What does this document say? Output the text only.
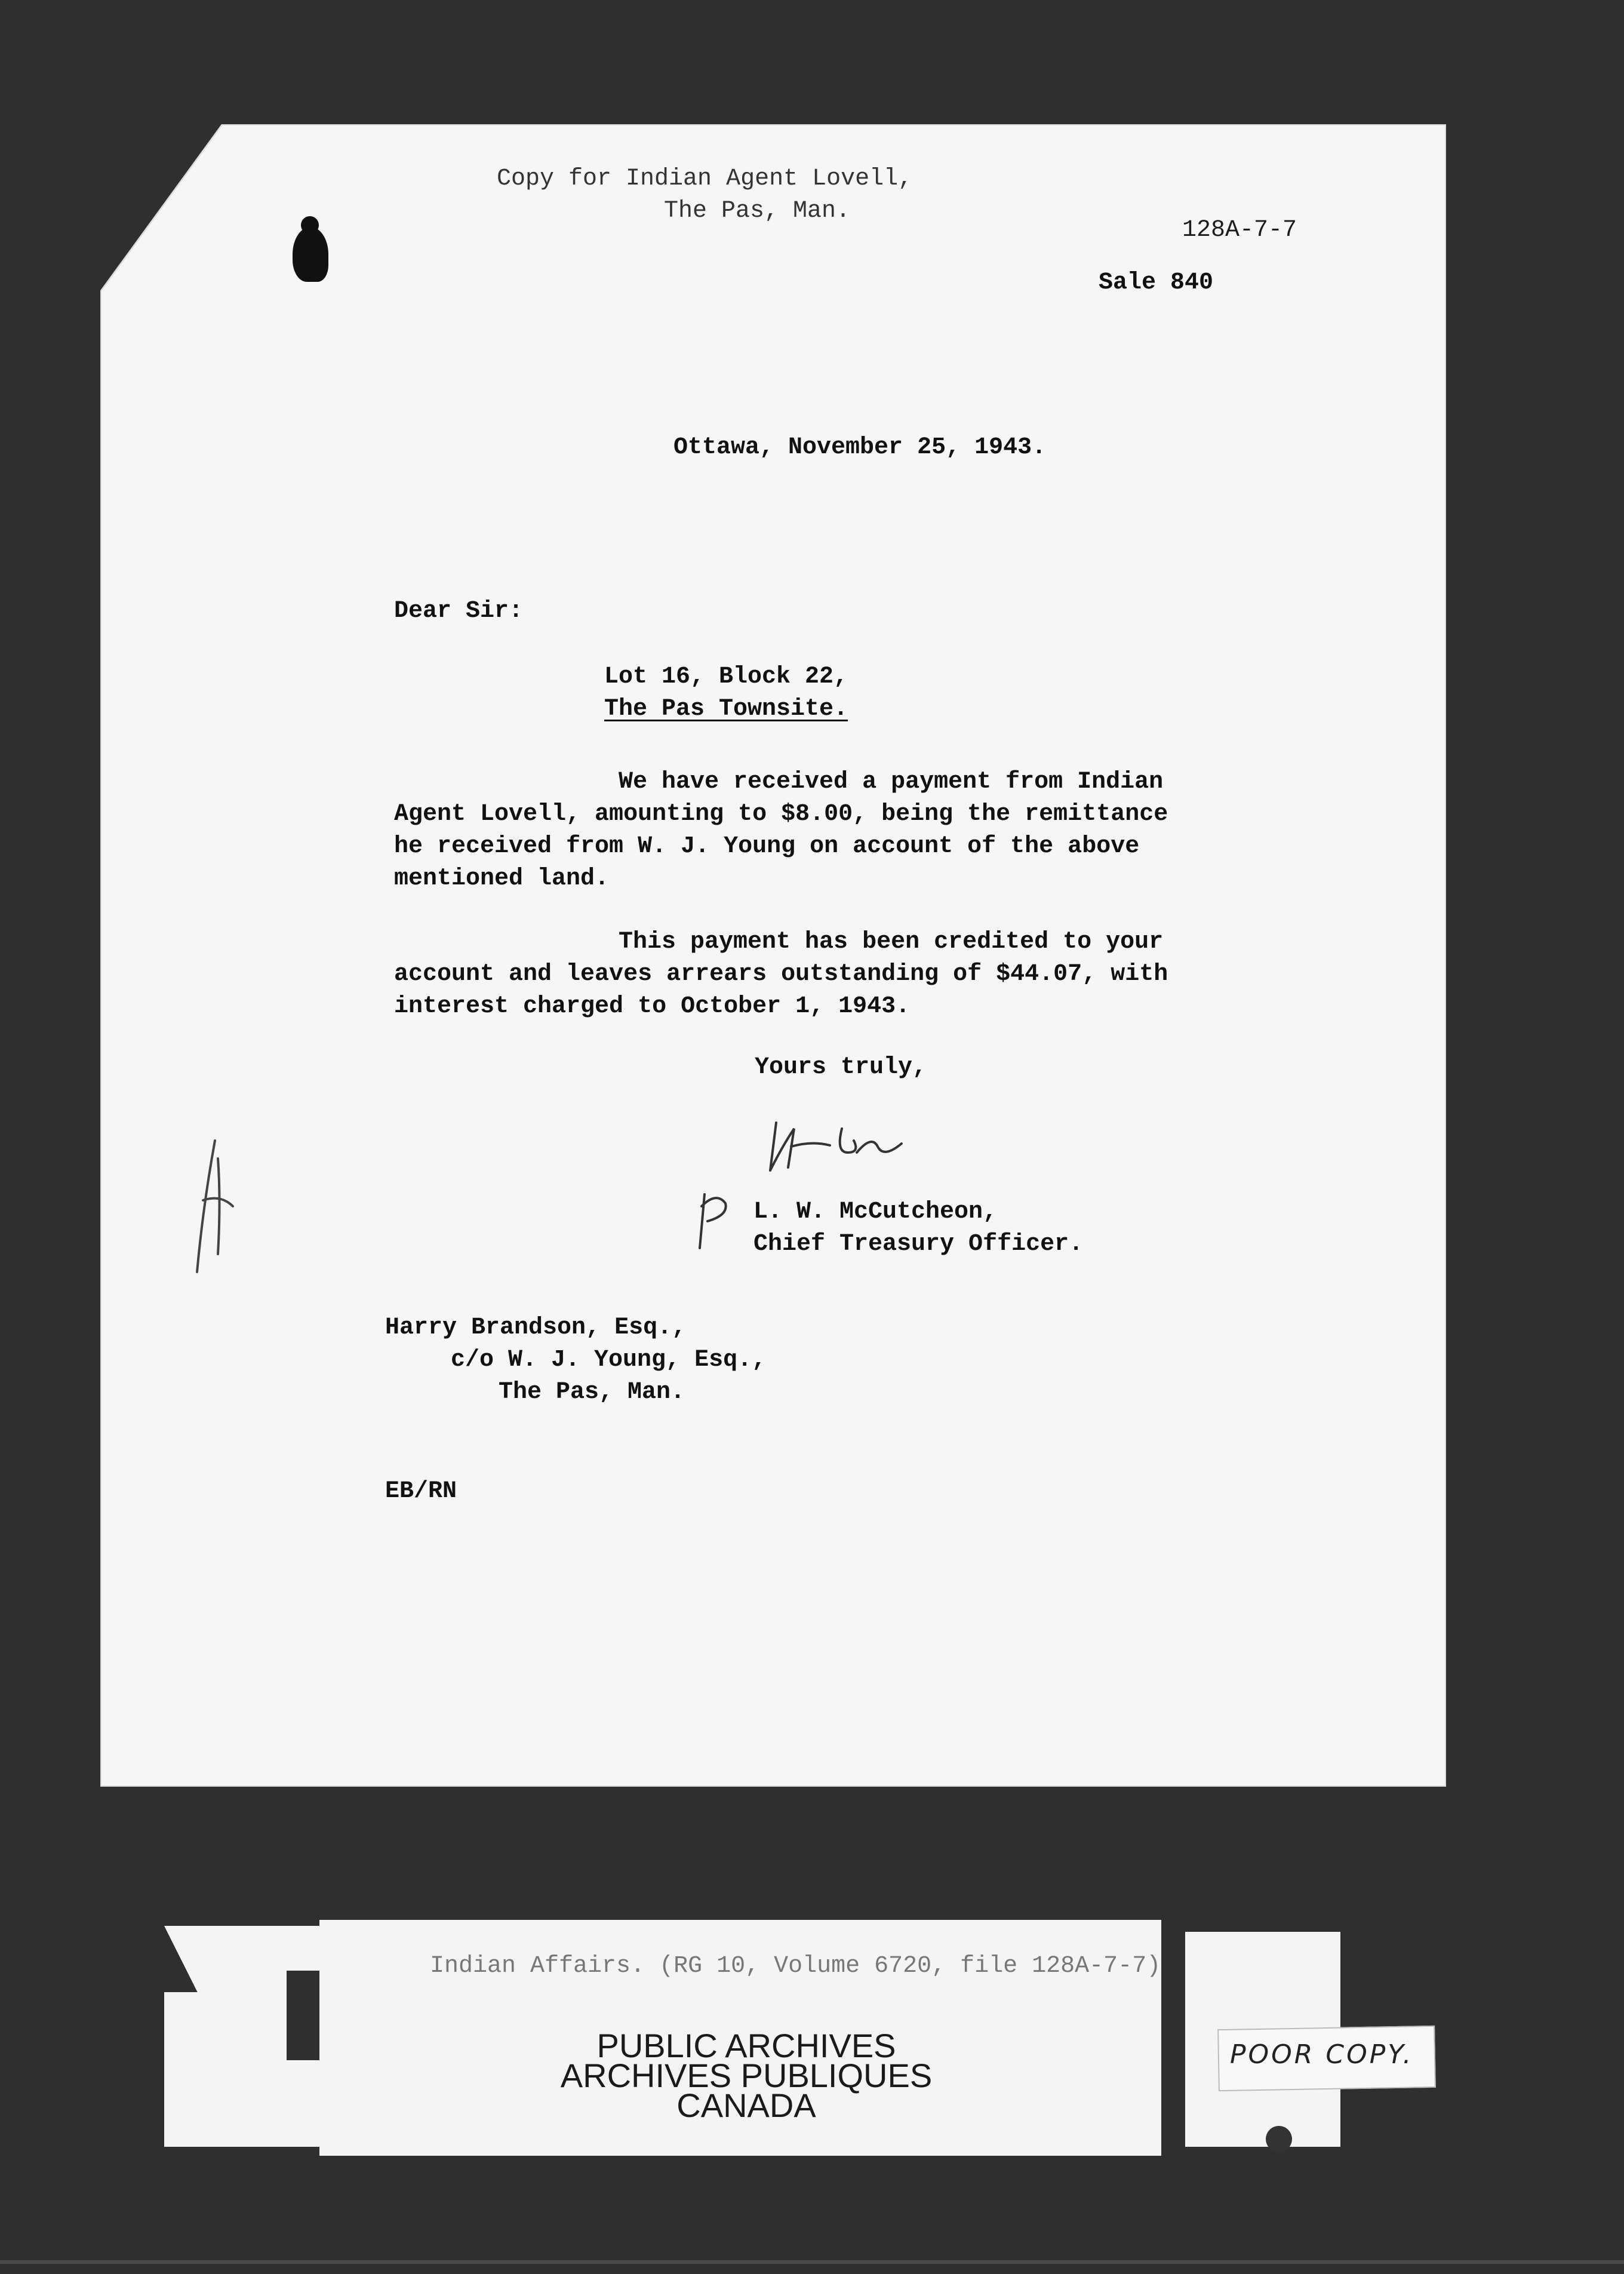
Copy for Indian Agent Lovell,
The Pas, Man.
128A-7-7
Sale 840
Ottawa, November 25, 1943.
Dear Sir:
Lot 16, Block 22,
The Pas Townsite.
We have received a payment from Indian
Agent Lovell, amounting to $8.00, being the remittance
he received from W. J. Young on account of the above
mentioned land.
This payment has been credited to your
account and leaves arrears outstanding of $44.07, with
interest charged to October 1, 1943.
Yours truly,
L. W. McCutcheon,
Chief Treasury Officer.
Harry Brandson, Esq.,
c/o W. J. Young, Esq.,
The Pas, Man.
EB/RN
Indian Affairs. (RG 10, Volume 6720, file 128A-7-7)
PUBLIC ARCHIVES
ARCHIVES PUBLIQUES
CANADA
POOR COPY.
